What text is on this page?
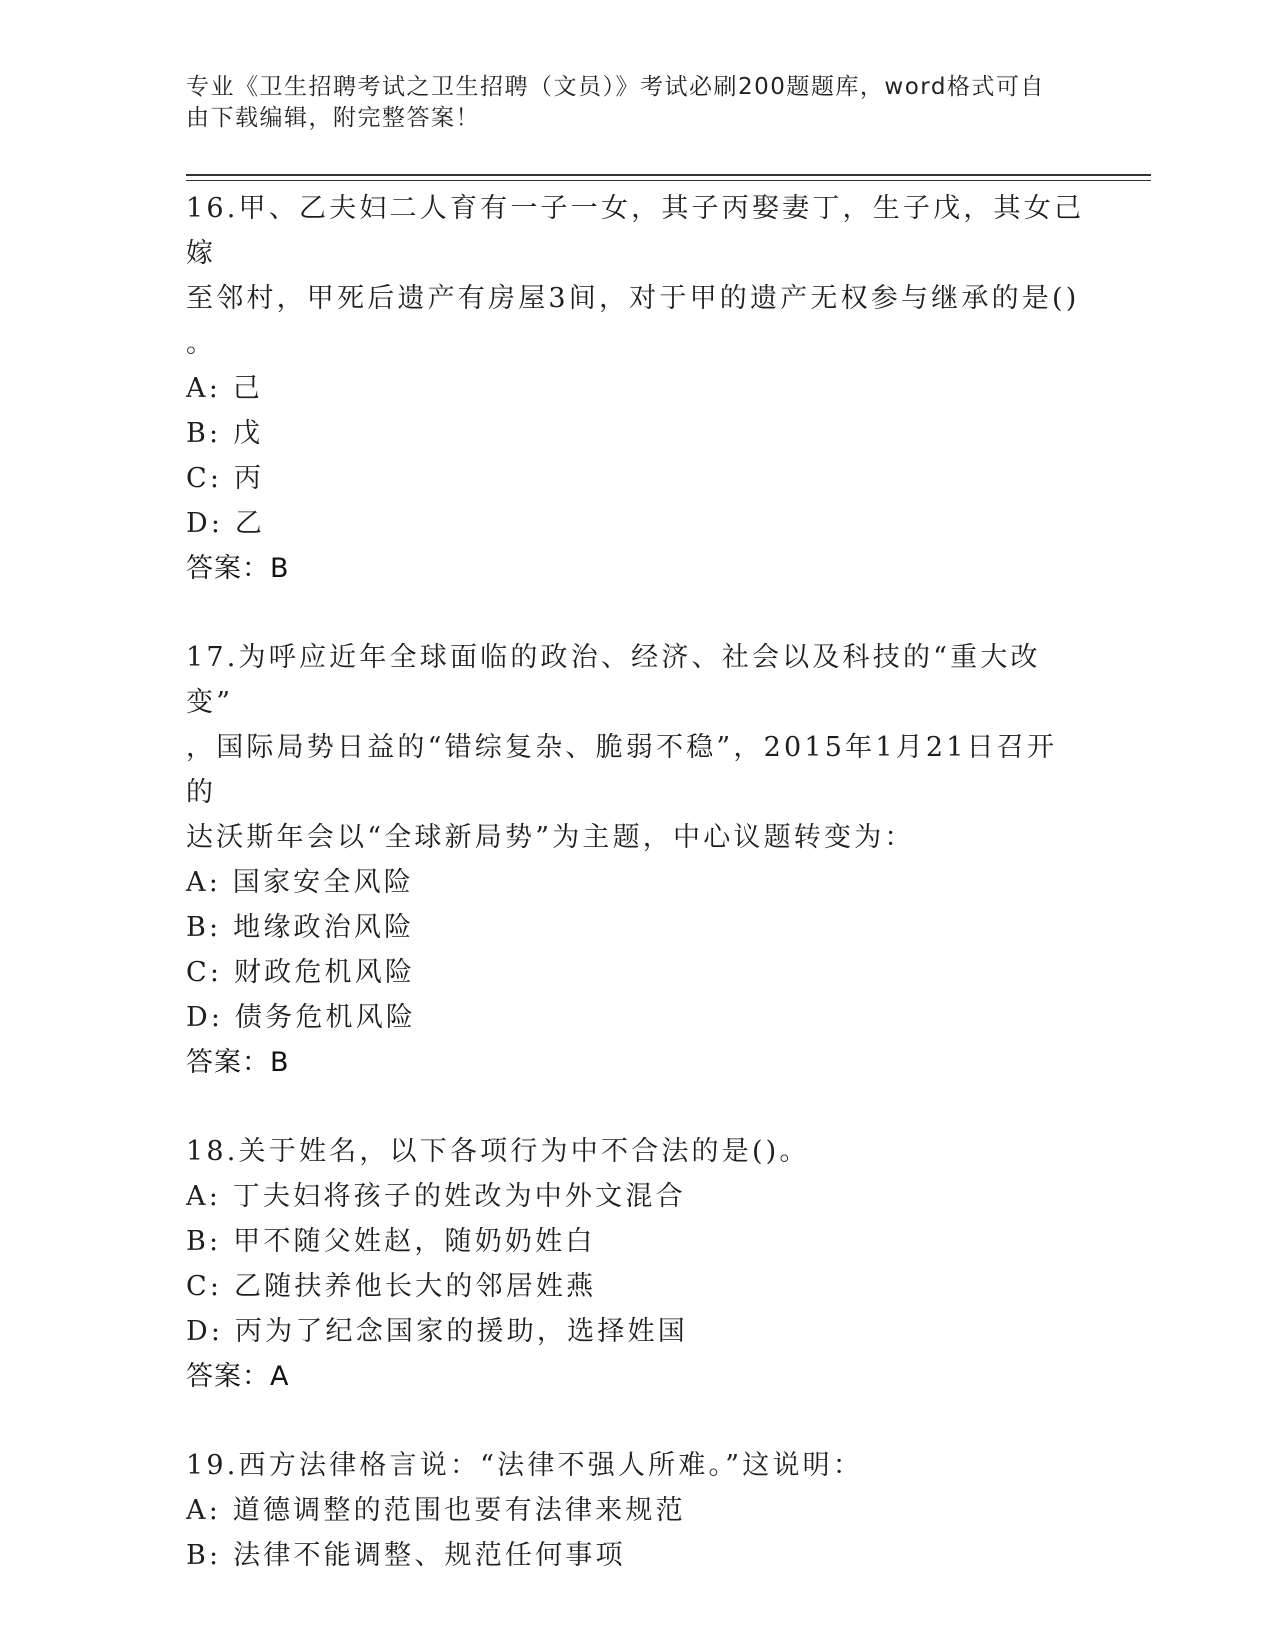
专业《卫生招聘考试之卫生招聘（文员）》考试必刷200题题库，word格式可自
由下载编辑，附完整答案！
16.甲、乙夫妇二人育有一子一女，其子丙娶妻丁，生子戊，其女己嫁
至邻村，甲死后遗产有房屋3间，对于甲的遗产无权参与继承的是()
。
A: 己
B: 戊
C: 丙
D: 乙
答案：B
17.为呼应近年全球面临的政治、经济、社会以及科技的“重大改变”
，国际局势日益的“错综复杂、脆弱不稳”，2015年1月21日召开的
达沃斯年会以“全球新局势”为主题，中心议题转变为：
A: 国家安全风险
B: 地缘政治风险
C: 财政危机风险
D: 债务危机风险
答案：B
18.关于姓名，以下各项行为中不合法的是()。
A: 丁夫妇将孩子的姓改为中外文混合
B: 甲不随父姓赵，随奶奶姓白
C: 乙随扶养他长大的邻居姓燕
D: 丙为了纪念国家的援助，选择姓国
答案：A
19.西方法律格言说：“法律不强人所难。”这说明：
A: 道德调整的范围也要有法律来规范
B: 法律不能调整、规范任何事项
